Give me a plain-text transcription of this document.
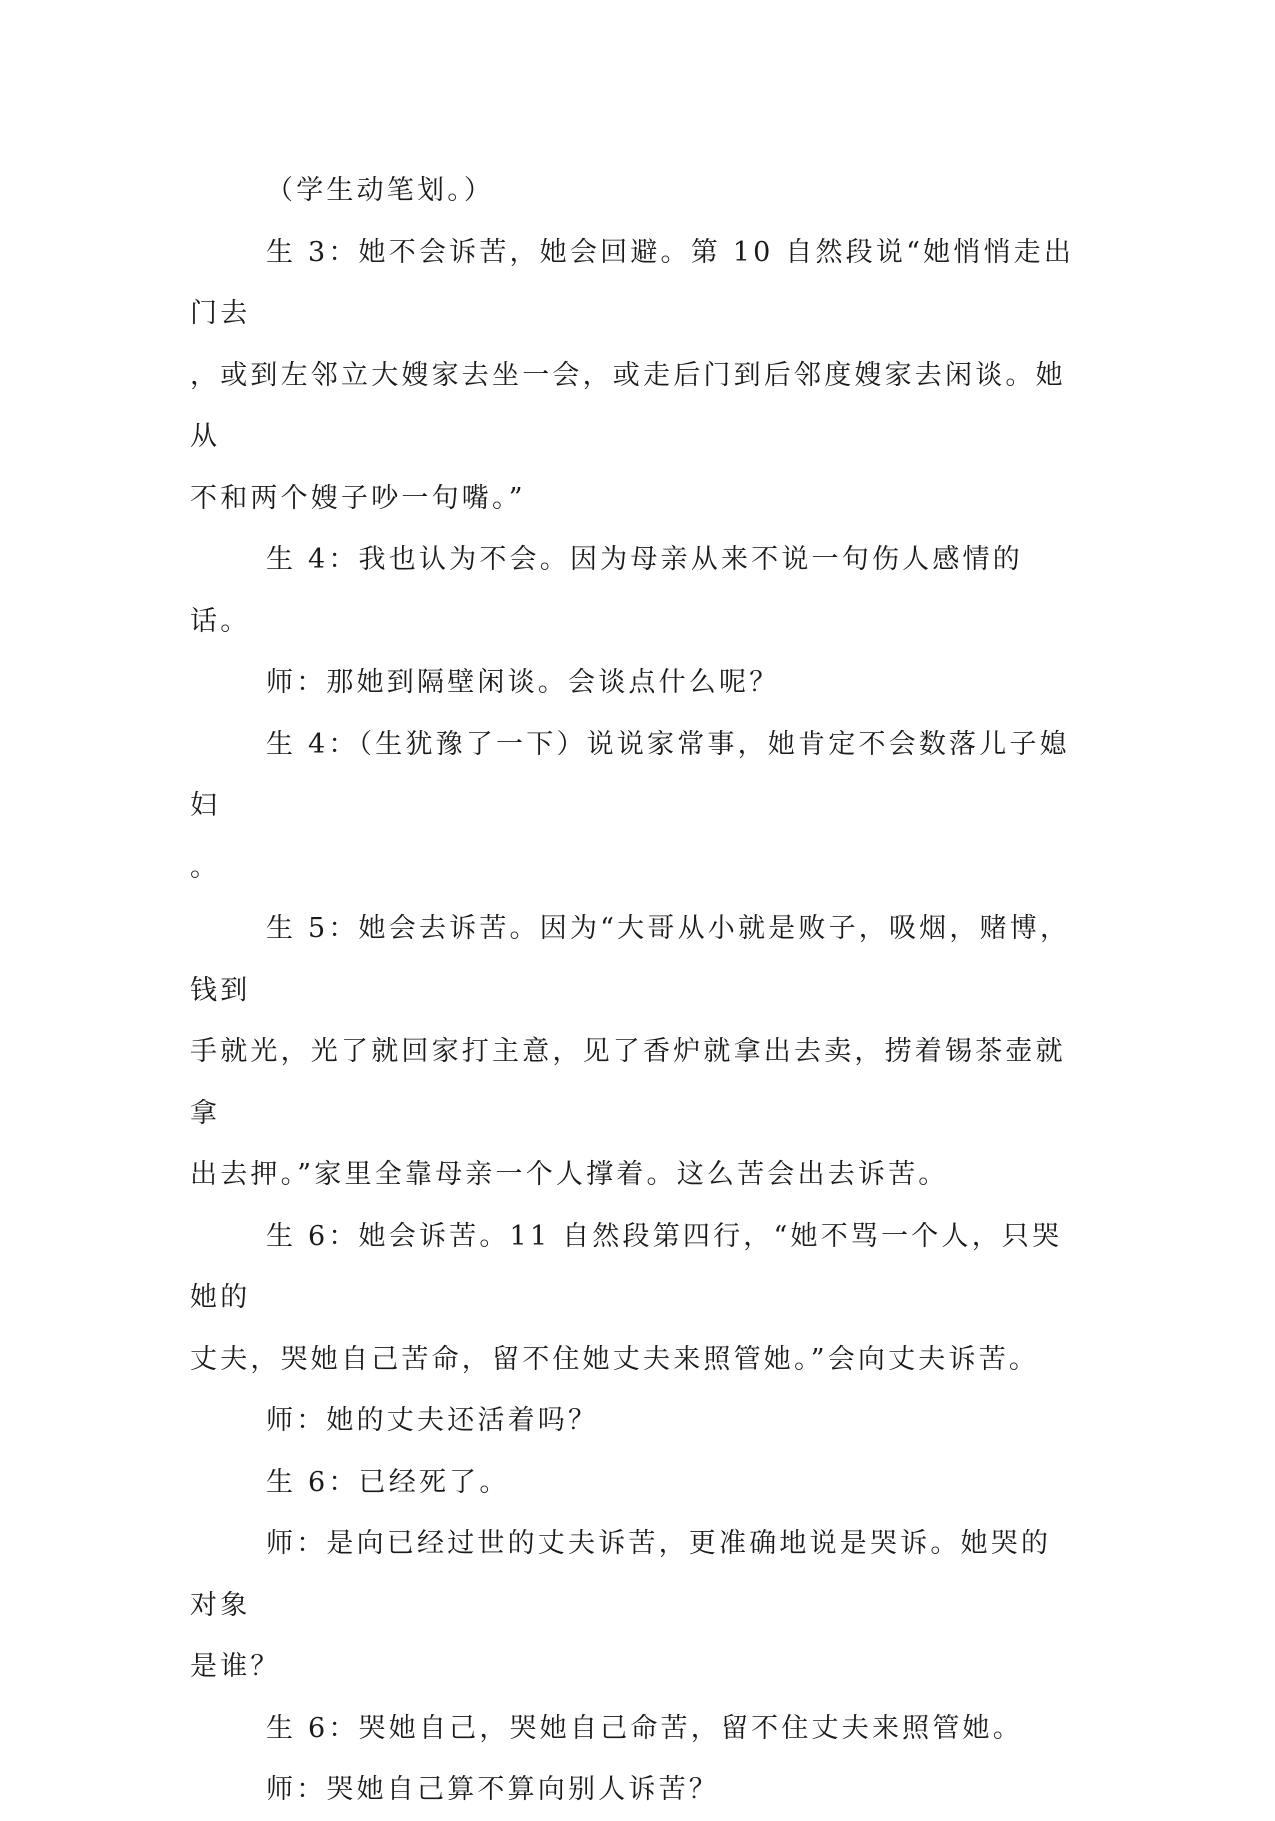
（学生动笔划。）

生 3：她不会诉苦，她会回避。第 10 自然段说“她悄悄走出门去
，或到左邻立大嫂家去坐一会，或走后门到后邻度嫂家去闲谈。她从
不和两个嫂子吵一句嘴。”

生 4：我也认为不会。因为母亲从来不说一句伤人感情的话。

师：那她到隔壁闲谈。会谈点什么呢？

生 4：（生犹豫了一下）说说家常事，她肯定不会数落儿子媳妇
。

生 5：她会去诉苦。因为“大哥从小就是败子，吸烟，赌博，钱到
手就光，光了就回家打主意，见了香炉就拿出去卖，捞着锡茶壶就拿
出去押。”家里全靠母亲一个人撑着。这么苦会出去诉苦。

生 6：她会诉苦。11 自然段第四行，“她不骂一个人，只哭她的
丈夫，哭她自己苦命，留不住她丈夫来照管她。”会向丈夫诉苦。

师：她的丈夫还活着吗？

生 6：已经死了。

师：是向已经过世的丈夫诉苦，更准确地说是哭诉。她哭的对象
是谁？

生 6：哭她自己，哭她自己命苦，留不住丈夫来照管她。

师：哭她自己算不算向别人诉苦？
